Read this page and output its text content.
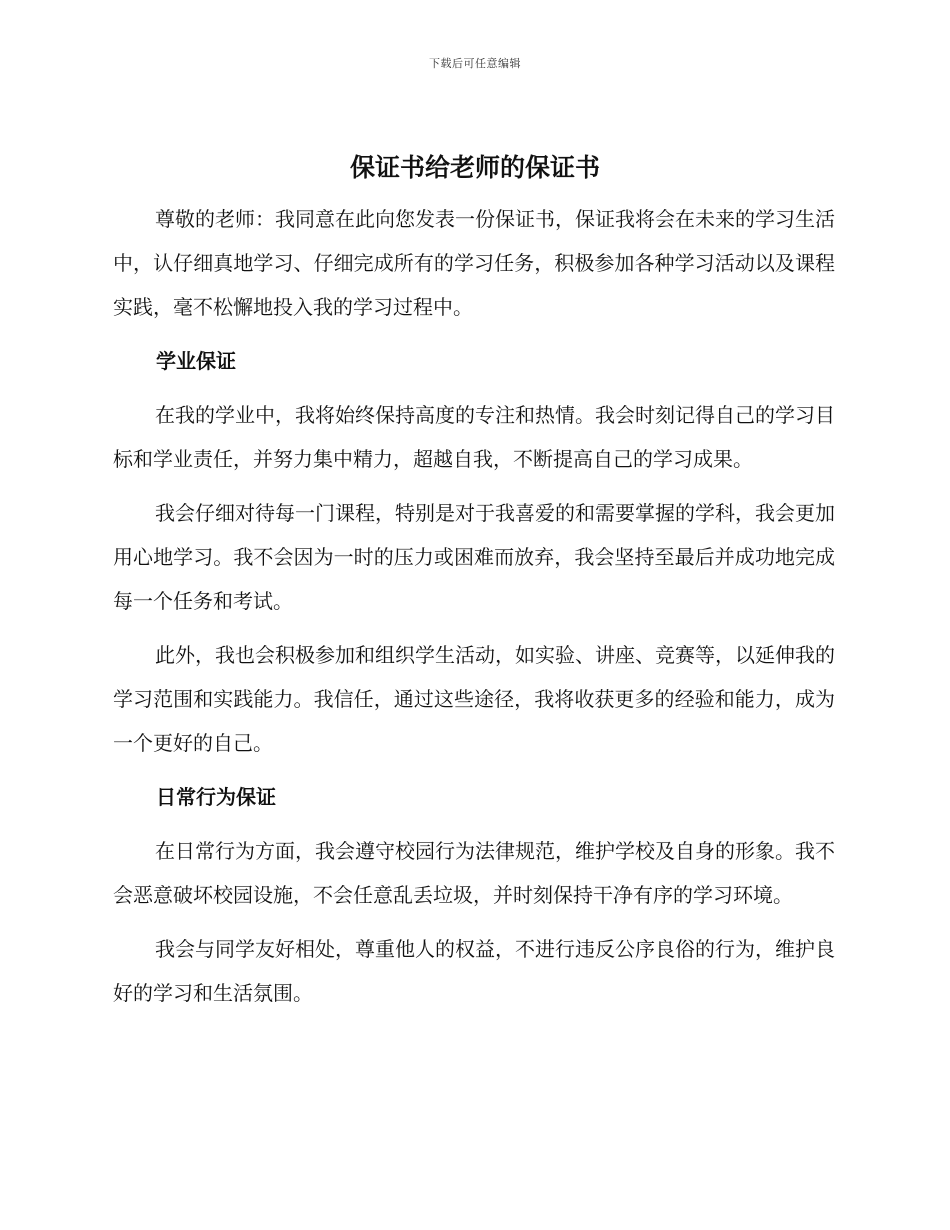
下载后可任意编辑
保证书给老师的保证书

尊敬的老师：我同意在此向您发表一份保证书，保证我将会在未来的学习生活中，认仔细真地学习、仔细完成所有的学习任务，积极参加各种学习活动以及课程实践，毫不松懈地投入我的学习过程中。

学业保证

在我的学业中，我将始终保持高度的专注和热情。我会时刻记得自己的学习目标和学业责任，并努力集中精力，超越自我，不断提高自己的学习成果。

我会仔细对待每一门课程，特别是对于我喜爱的和需要掌握的学科，我会更加用心地学习。我不会因为一时的压力或困难而放弃，我会坚持至最后并成功地完成每一个任务和考试。

此外，我也会积极参加和组织学生活动，如实验、讲座、竞赛等，以延伸我的学习范围和实践能力。我信任，通过这些途径，我将收获更多的经验和能力，成为一个更好的自己。

日常行为保证

在日常行为方面，我会遵守校园行为法律规范，维护学校及自身的形象。我不会恶意破坏校园设施，不会任意乱丢垃圾，并时刻保持干净有序的学习环境。

我会与同学友好相处，尊重他人的权益，不进行违反公序良俗的行为，维护良好的学习和生活氛围。
